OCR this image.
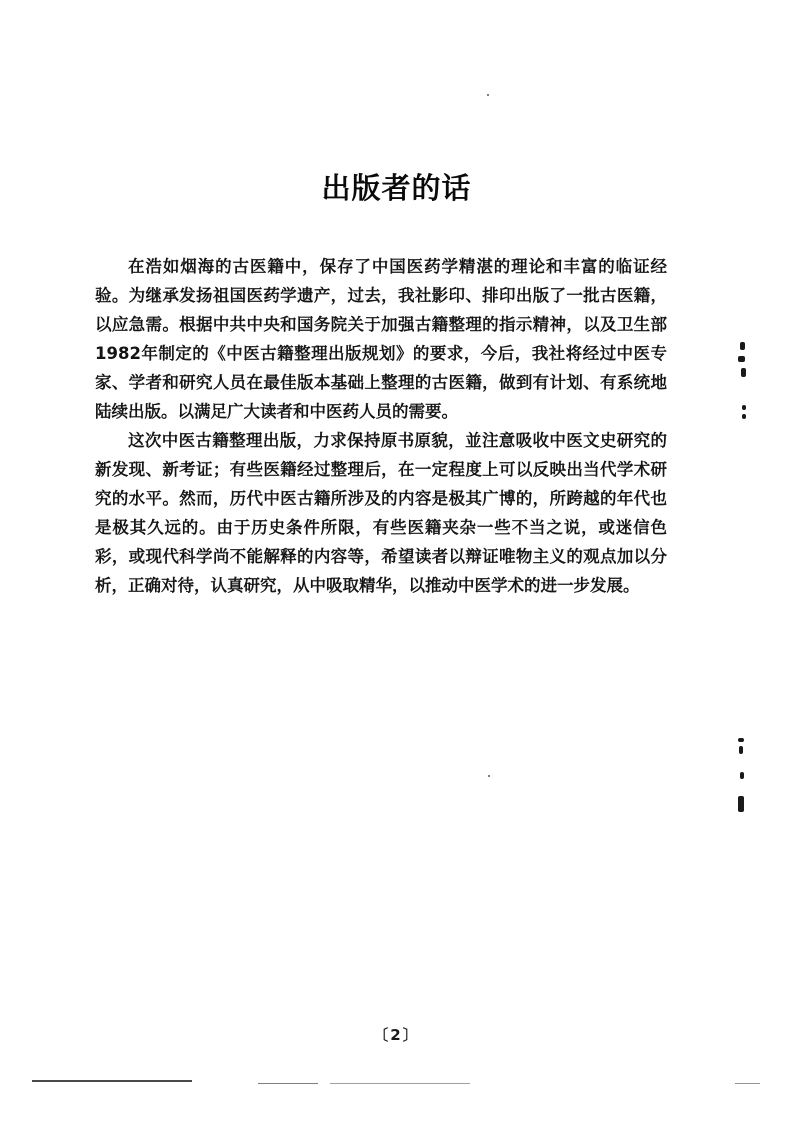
出版者的话

在浩如烟海的古医籍中，保存了中国医药学精湛的理论和丰富的临证经验。为继承发扬祖国医药学遗产，过去，我社影印、排印出版了一批古医籍，以应急需。根据中共中央和国务院关于加强古籍整理的指示精神，以及卫生部1982年制定的《中医古籍整理出版规划》的要求，今后，我社将经过中医专家、学者和研究人员在最佳版本基础上整理的古医籍，做到有计划、有系统地陆续出版。以满足广大读者和中医药人员的需要。

这次中医古籍整理出版，力求保持原书原貌，並注意吸收中医文史研究的新发现、新考证；有些医籍经过整理后，在一定程度上可以反映出当代学术研究的水平。然而，历代中医古籍所涉及的内容是极其广博的，所跨越的年代也是极其久远的。由于历史条件所限，有些医籍夹杂一些不当之说，或迷信色彩，或现代科学尚不能解释的内容等，希望读者以辩证唯物主义的观点加以分析，正确对待，认真研究，从中吸取精华，以推动中医学术的进一步发展。

〔2〕
